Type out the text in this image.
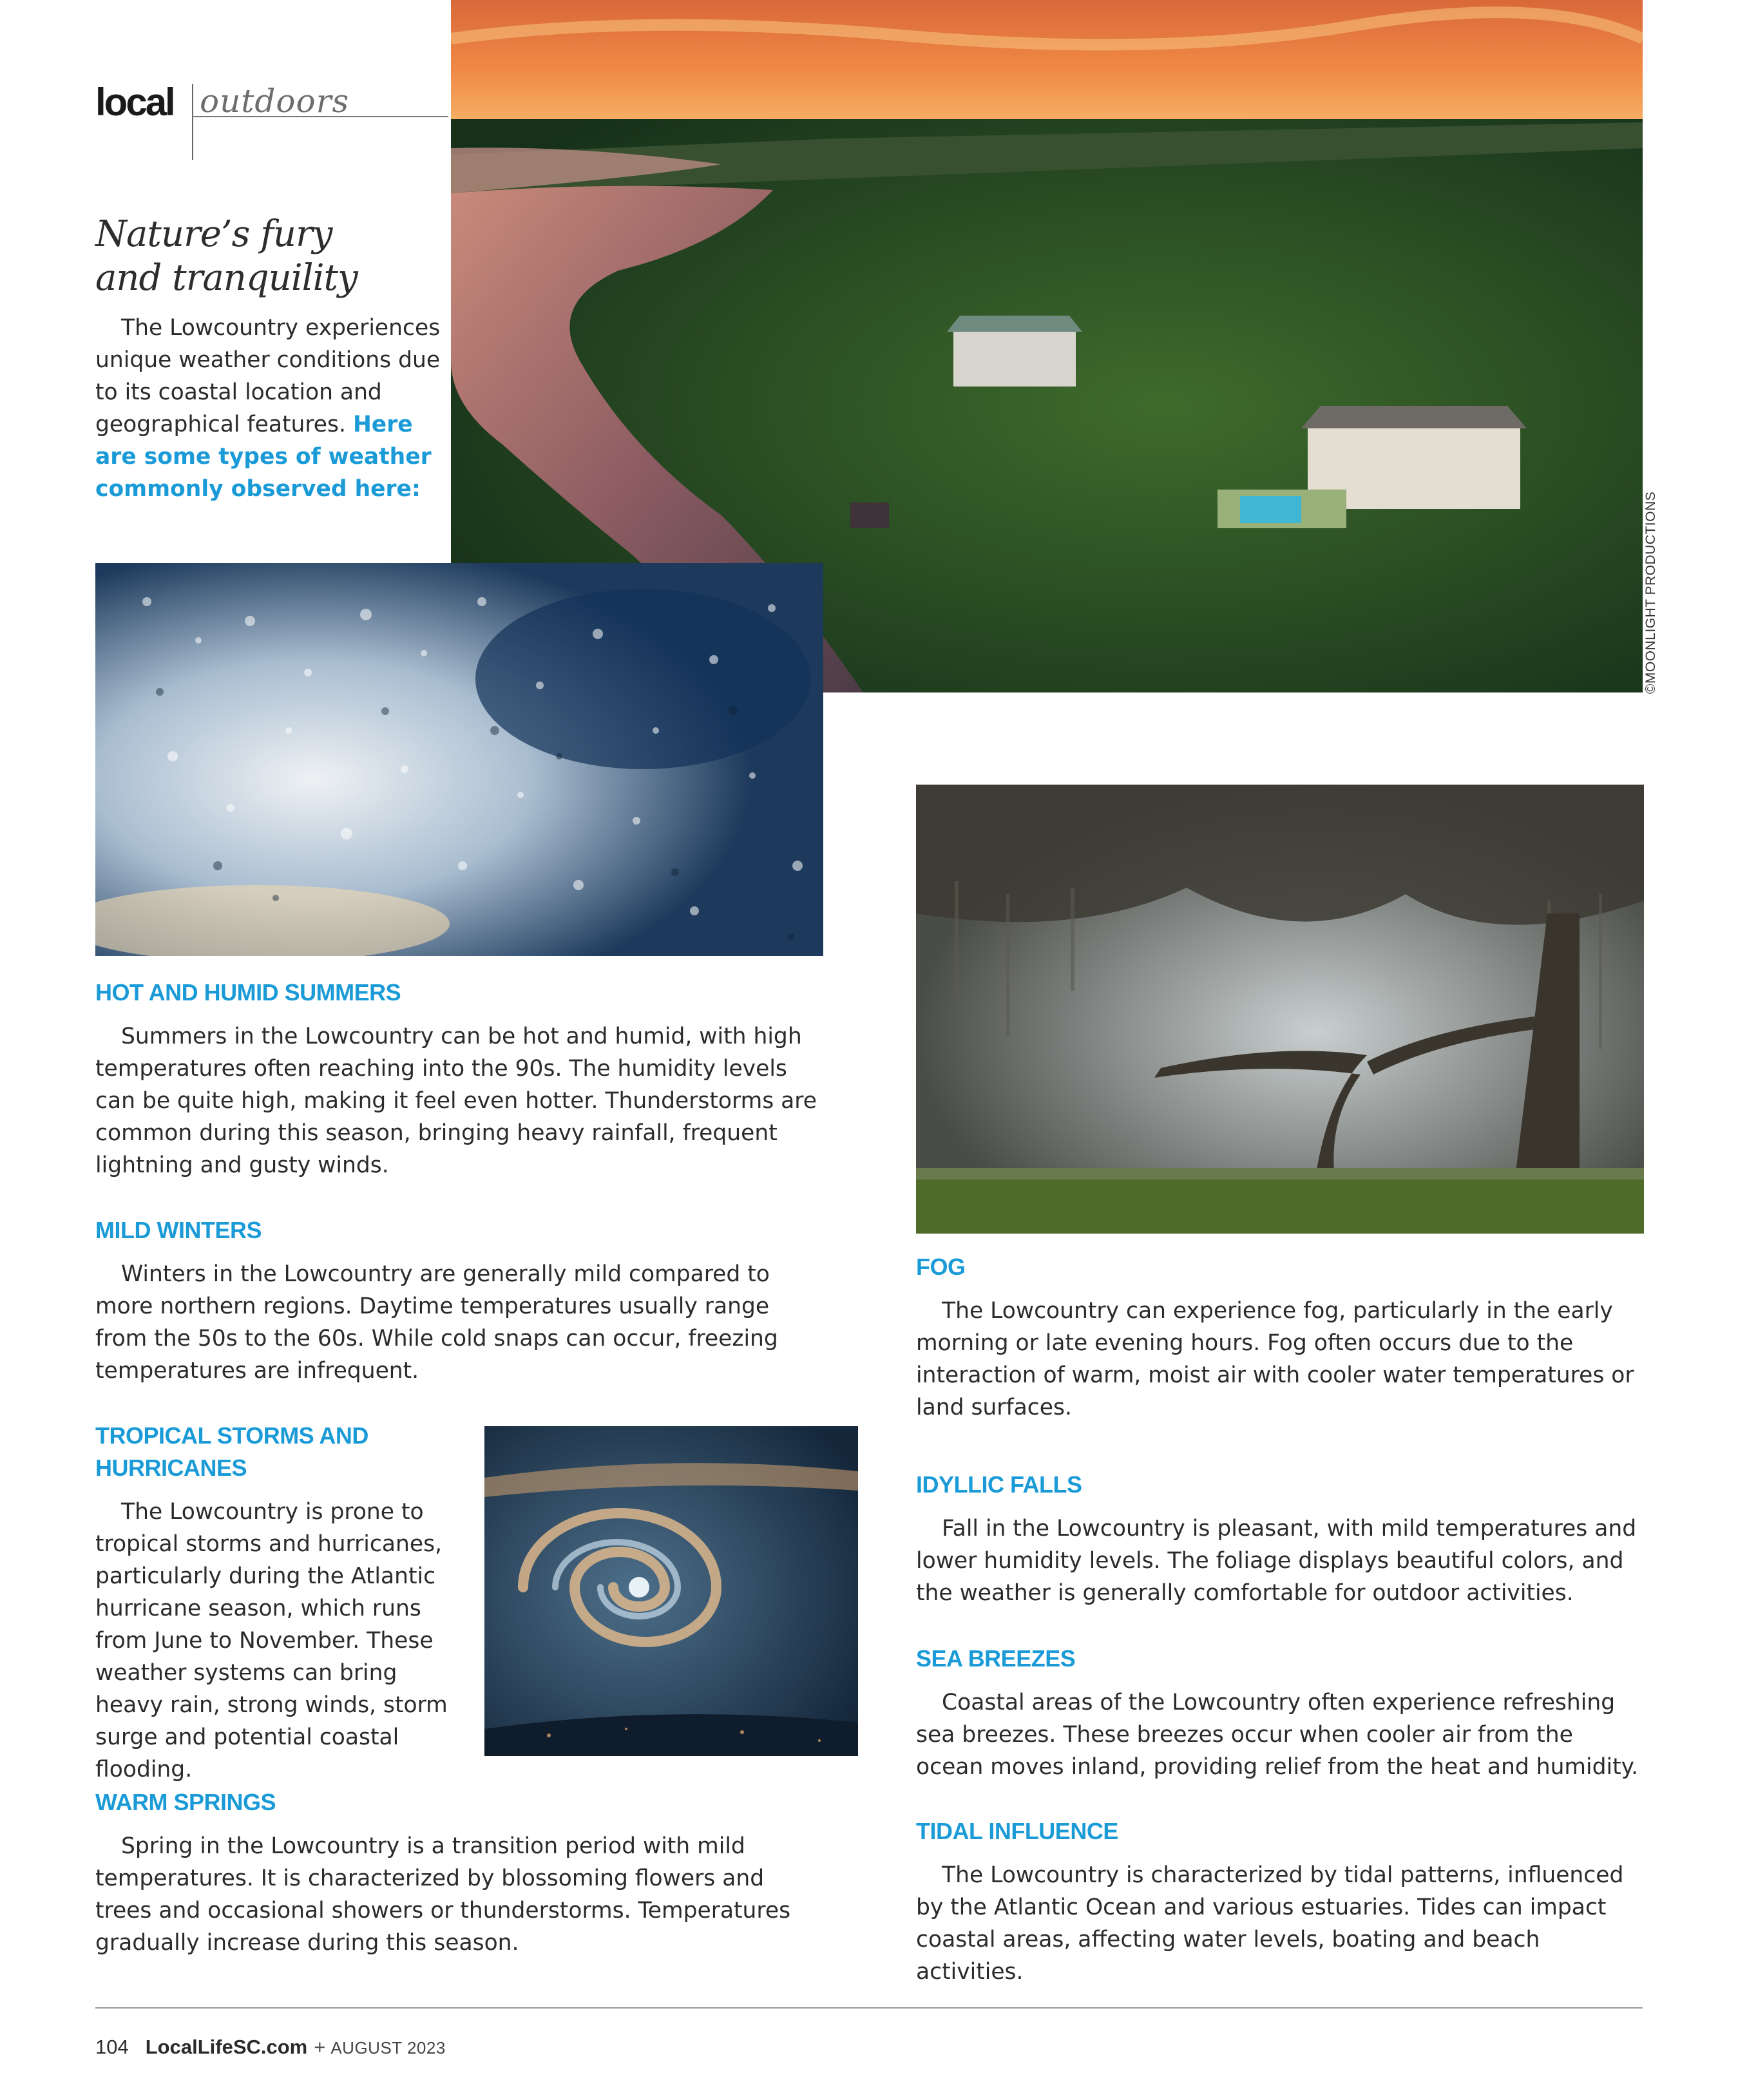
local outdoors
©MOONLIGHT PRODUCTIONS
Nature’s fury
and tranquility
The Lowcountry experiences unique weather conditions due to its coastal location and geographical features. Here are some types of weather commonly observed here:
HOT AND HUMID SUMMERS
Summers in the Lowcountry can be hot and humid, with high temperatures often reaching into the 90s. The humidity levels can be quite high, making it feel even hotter. Thunderstorms are common during this season, bringing heavy rainfall, frequent lightning and gusty winds.
MILD WINTERS
Winters in the Lowcountry are generally mild compared to more northern regions. Daytime temperatures usually range from the 50s to the 60s. While cold snaps can occur, freezing temperatures are infrequent.
TROPICAL STORMS AND
HURRICANES
The Lowcountry is prone to tropical storms and hurricanes, particularly during the Atlantic hurricane season, which runs from June to November. These weather systems can bring heavy rain, strong winds, storm surge and potential coastal flooding.
WARM SPRINGS
Spring in the Lowcountry is a transition period with mild temperatures. It is characterized by blossoming flowers and trees and occasional showers or thunderstorms. Temperatures gradually increase during this season.
FOG
The Lowcountry can experience fog, particularly in the early morning or late evening hours. Fog often occurs due to the interaction of warm, moist air with cooler water temperatures or land surfaces.
IDYLLIC FALLS
Fall in the Lowcountry is pleasant, with mild temperatures and lower humidity levels. The foliage displays beautiful colors, and the weather is generally comfortable for outdoor activities.
SEA BREEZES
Coastal areas of the Lowcountry often experience refreshing sea breezes. These breezes occur when cooler air from the ocean moves inland, providing relief from the heat and humidity.
TIDAL INFLUENCE
The Lowcountry is characterized by tidal patterns, influenced by the Atlantic Ocean and various estuaries. Tides can impact coastal areas, affecting water levels, boating and beach activities.
104 LocalLifeSC.com + AUGUST 2023
